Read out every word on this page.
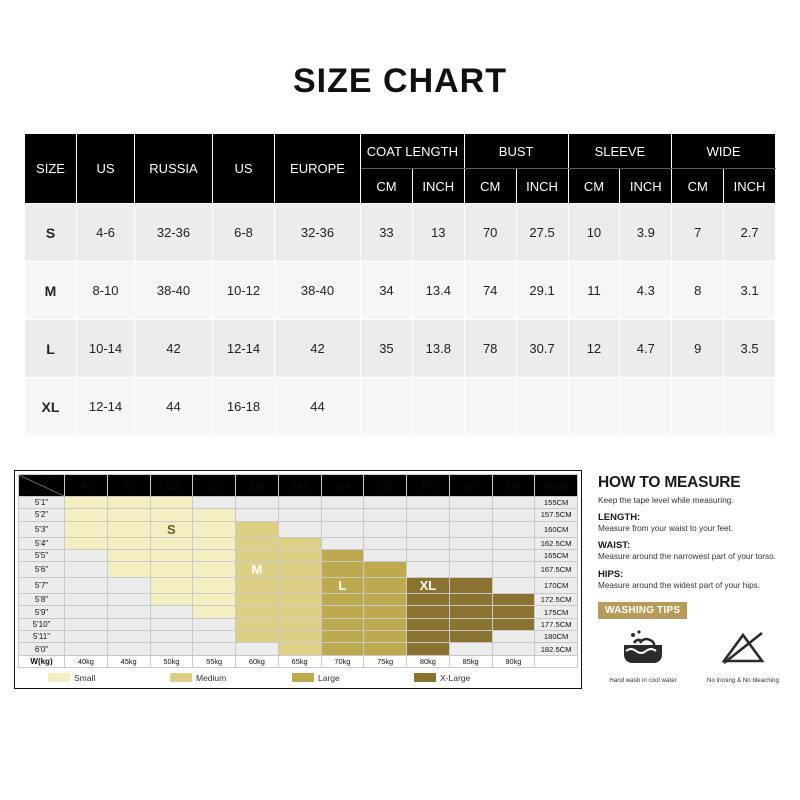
SIZE CHART
SIZE	US	RUSSIA	US	EUROPE	COAT LENGTH		BUST		SLEEVE		WIDE	
					CM	INCH	CM	INCH	CM	INCH	CM	INCH
S	4-6	32-36	6-8	32-36	33	13	70	27.5	10	3.9	7	2.7
M	8-10	38-40	10-12	38-40	34	13.4	74	29.1	11	4.3	8	3.1
L	10-14	42	12-14	42	35	13.8	78	30.7	12	4.7	9	3.5
XL	12-14	44	16-18	44								
W(lbs)
Height	80	90	110	121	132	143	154	165	176	187	198	Height
5'1"												155CM
5'2"												157.5CM
5'3"			S									160CM
5'4"												162.5CM
5'5"												165CM
5'6"					M							167.5CM
5'7"							L		XL			170CM
5'8"												172.5CM
5'9"												175CM
5'10"												177.5CM
5'11"												180CM
6'0"												182.5CM
W(kg)	40kg	45kg	50kg	55kg	60kg	65kg	70kg	75kg	80kg	85kg	90kg	
Small	Medium	Large	X-Large
HOW TO MEASURE
Keep the tape level while measuring.
LENGTH:
Measure from your waist to your feet.
WAIST:
Measure around the narrowest part of your torso.
HIPS:
Measure around the widest part of your hips.
WASHING TIPS
Hand wash in cool water	No ironing & No bleaching
